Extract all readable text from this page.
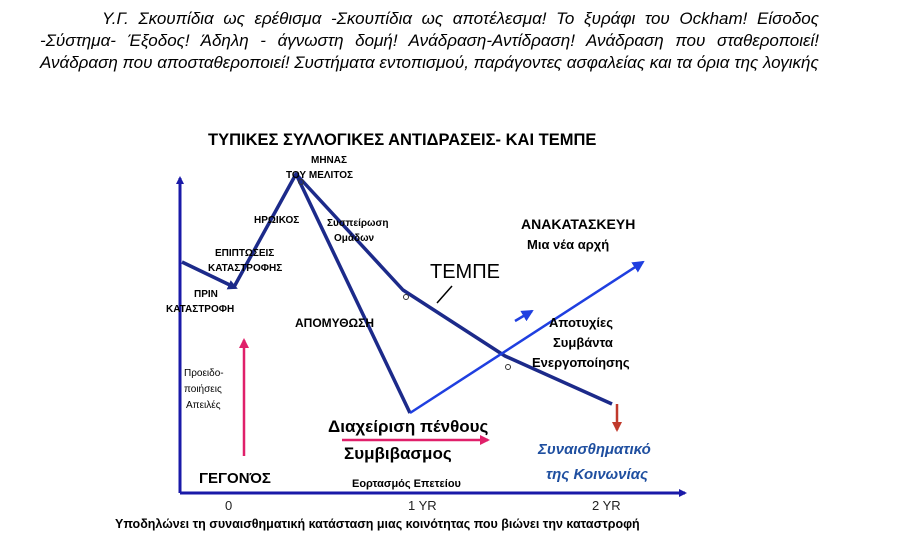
Υ.Γ. Σκουπίδια ως ερέθισμα -Σκουπίδια ως αποτέλεσμα! Το ξυράφι του Ockham! Είσοδος -Σύστημα- Έξοδος! Άδηλη - άγνωστη δομή! Ανάδραση-Αντίδραση! Ανάδραση που σταθεροποιεί! Ανάδραση που αποσταθεροποιεί! Συστήματα εντοπισμού, παράγοντες ασφαλείας και τα όρια της λογικής
ΤΥΠΙΚΕΣ ΣΥΛΛΟΓΙΚΕΣ ΑΝΤΙΔΡΑΣΕΙΣ- ΚΑΙ ΤΕΜΠΕ
0	1 YR	2 YR
ΠΡΙΝ
ΚΑΤΑΣΤΡΟΦΗ
ΕΠΙΠΤΩΣΕΙΣ
ΚΑΤΑΣΤΡΟΦΗΣ
ΗΡΩΙΚΟΣ
ΜΗΝΑΣ
ΤΟΥ ΜΕΛΙΤΟΣ
Συσπείρωση
Ομάδων
ΑΠΟΜΥΘΩΣΗ
ΤΕΜΠΕ
ΑΝΑΚΑΤΑΣΚΕΥΗ
Μια νέα αρχή
Αποτυχίες
Συμβάντα
Ενεργοποίησης
Προειδο-
ποιήσεις
Απειλές
ΓΕΓΟΝΌΣ
Διαχείριση πένθους
Συμβιβασμος	Συναισθηματικό
της Κοινωνίας
Εορτασμός Επετείου
Υποδηλώνει τη συναισθηματική κατάσταση μιας κοινότητας που βιώνει την καταστροφή
